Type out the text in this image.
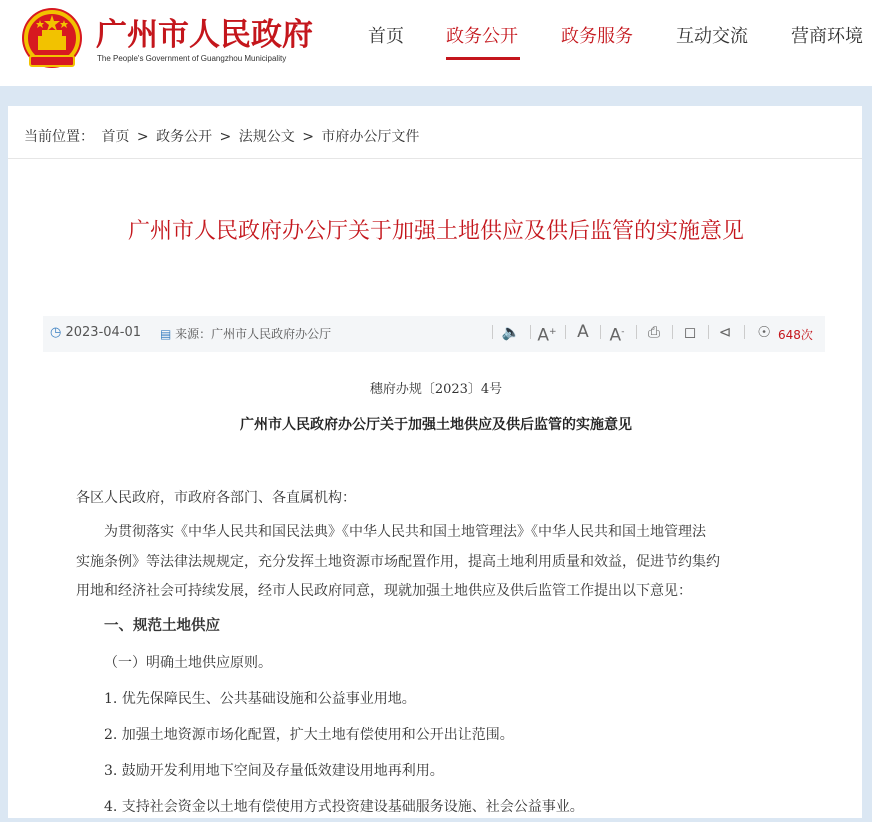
广州市人民政府
The People's Government of Guangzhou Municipality
首页 政务公开 政务服务 互动交流 营商环境
当前位置： 首页 > 政务公开 > 法规公文 > 市府办公厅文件
广州市人民政府办公厅关于加强土地供应及供后监管的实施意见
◷ 2023-04-01 ▤ 来源：广州市人民政府办公厅	🔈 A+ A A-	⎙	◻	⊲	☉ 648次
穗府办规〔2023〕4号
广州市人民政府办公厅关于加强土地供应及供后监管的实施意见
各区人民政府，市政府各部门、各直属机构：
为贯彻落实《中华人民共和国民法典》《中华人民共和国土地管理法》《中华人民共和国土地管理法
实施条例》等法律法规规定，充分发挥土地资源市场配置作用，提高土地利用质量和效益，促进节约集约
用地和经济社会可持续发展，经市人民政府同意，现就加强土地供应及供后监管工作提出以下意见：
一、规范土地供应
（一）明确土地供应原则。
1. 优先保障民生、公共基础设施和公益事业用地。
2. 加强土地资源市场化配置，扩大土地有偿使用和公开出让范围。
3. 鼓励开发利用地下空间及存量低效建设用地再利用。
4. 支持社会资金以土地有偿使用方式投资建设基础服务设施、社会公益事业。
